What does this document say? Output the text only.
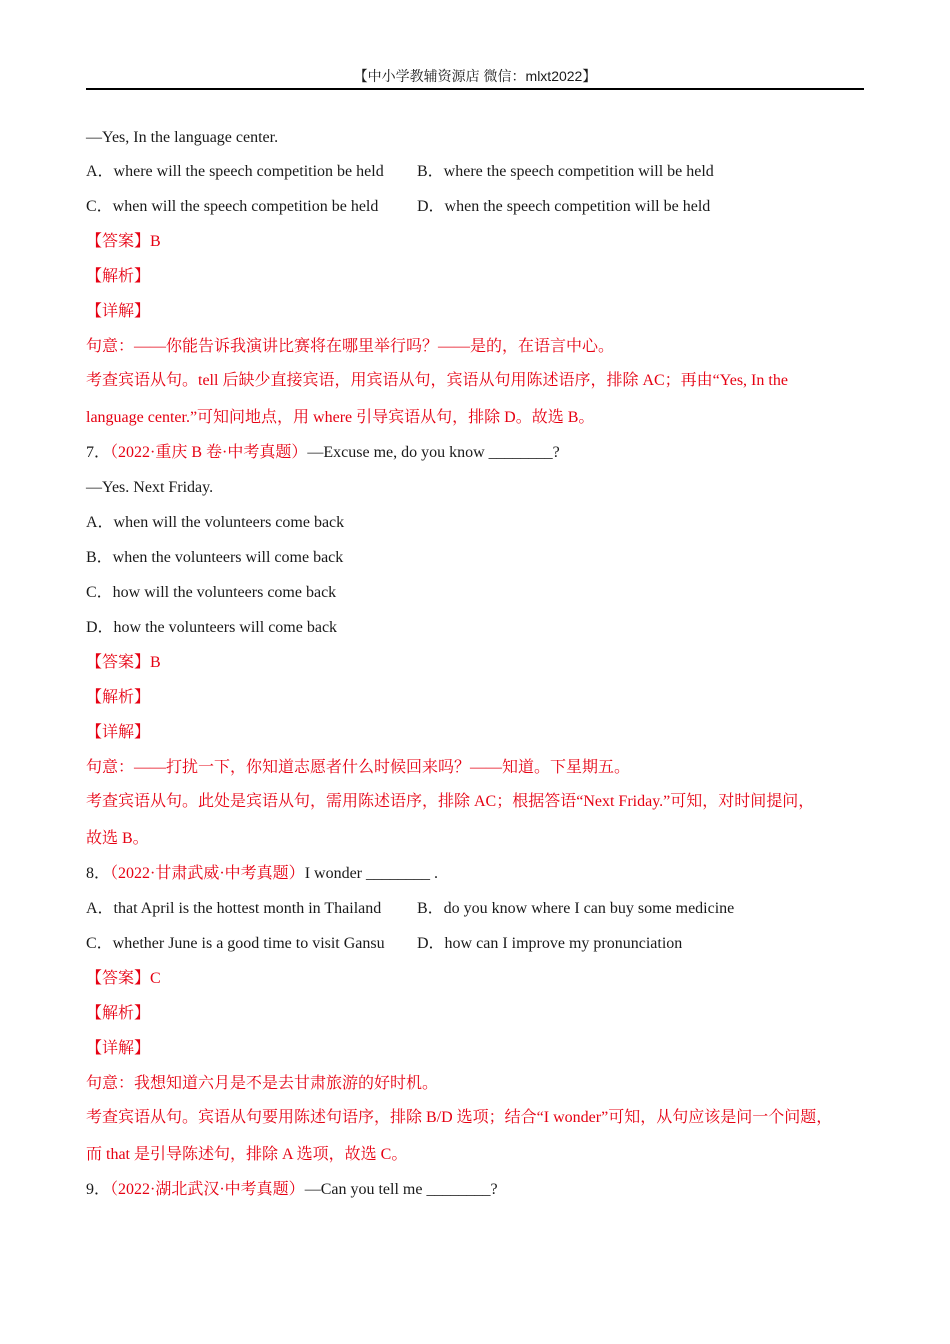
【中小学教辅资源店 微信：mlxt2022】
—Yes, In the language center.
A．where will the speech competition be held B．where the speech competition will be held
C．when will the speech competition be held D．when the speech competition will be held
【答案】B
【解析】
【详解】
句意：——你能告诉我演讲比赛将在哪里举行吗？——是的，在语言中心。
考查宾语从句。tell 后缺少直接宾语，用宾语从句，宾语从句用陈述语序，排除 AC；再由“Yes, In the
language center.”可知问地点，用 where 引导宾语从句，排除 D。故选 B。
7．（2022·重庆 B 卷·中考真题）—Excuse me, do you know ________?
—Yes. Next Friday.
A．when will the volunteers come back
B．when the volunteers will come back
C．how will the volunteers come back
D．how the volunteers will come back
【答案】B
【解析】
【详解】
句意：——打扰一下，你知道志愿者什么时候回来吗？——知道。下星期五。
考查宾语从句。此处是宾语从句，需用陈述语序，排除 AC；根据答语“Next Friday.”可知，对时间提问，
故选 B。
8．（2022·甘肃武威·中考真题）I wonder ________ .
A．that April is the hottest month in Thailand B．do you know where I can buy some medicine
C．whether June is a good time to visit Gansu D．how can I improve my pronunciation
【答案】C
【解析】
【详解】
句意：我想知道六月是不是去甘肃旅游的好时机。
考查宾语从句。宾语从句要用陈述句语序，排除 B/D 选项；结合“I wonder”可知，从句应该是问一个问题，
而 that 是引导陈述句，排除 A 选项，故选 C。
9．（2022·湖北武汉·中考真题）—Can you tell me ________?
